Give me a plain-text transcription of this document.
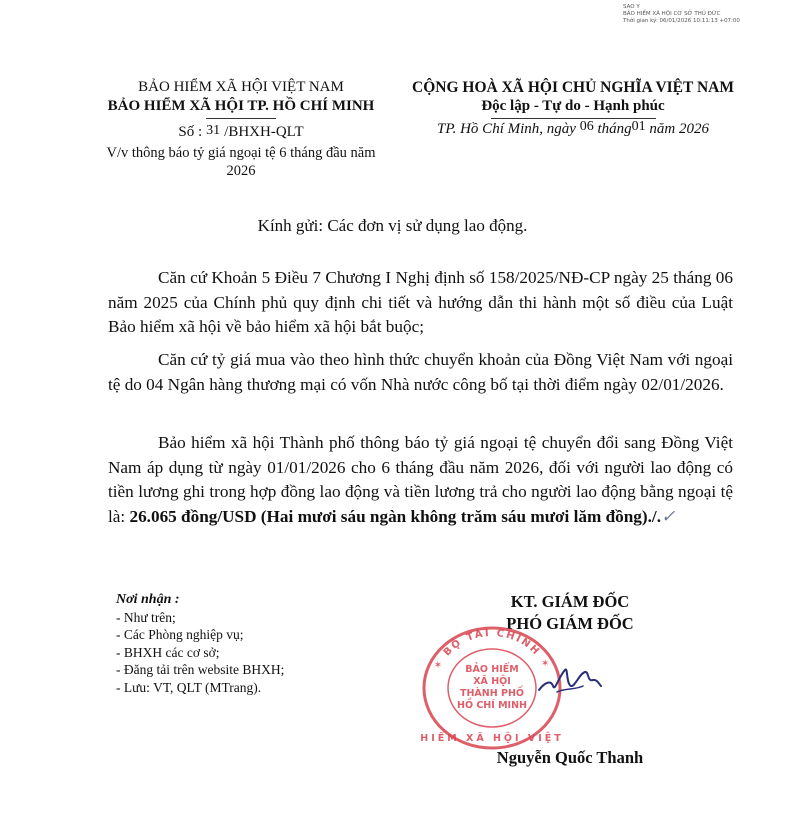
SAO Y
BẢO HIỂM XÃ HỘI CƠ SỞ THỦ ĐỨC
Thời gian ký: 06/01/2026 10:11:13 +07:00
BẢO HIỂM XÃ HỘI VIỆT NAM
BẢO HIỂM XÃ HỘI TP. HỒ CHÍ MINH
CỘNG HOÀ XÃ HỘI CHỦ NGHĨA VIỆT NAM
Độc lập - Tự do - Hạnh phúc
Số : 31 /BHXH-QLT
V/v thông báo tỷ giá ngoại tệ 6 tháng đầu năm 2026
TP. Hồ Chí Minh, ngày 06 tháng01 năm 2026
Kính gửi: Các đơn vị sử dụng lao động.

Căn cứ Khoản 5 Điều 7 Chương I Nghị định số 158/2025/NĐ-CP ngày 25 tháng 06 năm 2025 của Chính phủ quy định chi tiết và hướng dẫn thi hành một số điều của Luật Bảo hiểm xã hội về bảo hiểm xã hội bắt buộc;

Căn cứ tỷ giá mua vào theo hình thức chuyển khoản của Đồng Việt Nam với ngoại tệ do 04 Ngân hàng thương mại có vốn Nhà nước công bố tại thời điểm ngày 02/01/2026.

Bảo hiểm xã hội Thành phố thông báo tỷ giá ngoại tệ chuyển đổi sang Đồng Việt Nam áp dụng từ ngày 01/01/2026 cho 6 tháng đầu năm 2026, đối với người lao động có tiền lương ghi trong hợp đồng lao động và tiền lương trả cho người lao động bằng ngoại tệ là: 26.065 đồng/USD (Hai mươi sáu ngàn không trăm sáu mươi lăm đồng)./.✓

Nơi nhận :
- Như trên;
- Các Phòng nghiệp vụ;
- BHXH các cơ sở;
- Đăng tải trên website BHXH;
- Lưu: VT, QLT (MTrang).
KT. GIÁM ĐỐC
PHÓ GIÁM ĐỐC
✶ BỘ TÀI CHÍNH ✶
BẢO HIỂM
XÃ HỘI
THÀNH PHỐ
HỒ CHÍ MINH
HIỂM XÃ HỘI VIỆT
Nguyễn Quốc Thanh
